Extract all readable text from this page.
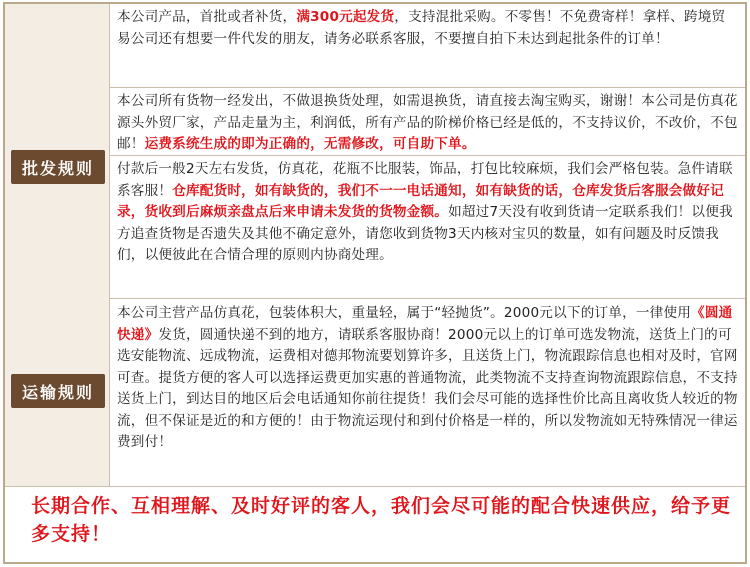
批发规则
本公司产品，首批或者补货，满300元起发货，支持混批采购。不零售！不免费寄样！拿样、跨境贸易公司还有想要一件代发的朋友，请务必联系客服，不要擅自拍下未达到起批条件的订单！
本公司所有货物一经发出，不做退换货处理，如需退换货，请直接去淘宝购买，谢谢！本公司是仿真花源头外贸厂家，产品走量为主，利润低，所有产品的阶梯价格已经是低的，不支持议价，不改价，不包邮！运费系统生成的即为正确的，无需修改，可自助下单。
付款后一般2天左右发货，仿真花，花瓶不比服装，饰品，打包比较麻烦，我们会严格包装。急件请联系客服！仓库配货时，如有缺货的，我们不一一电话通知，如有缺货的话，仓库发货后客服会做好记录，货收到后麻烦亲盘点后来申请未发货的货物金额。如超过7天没有收到货请一定联系我们！以便我方追查货物是否遗失及其他不确定意外，请您收到货物3天内核对宝贝的数量，如有问题及时反馈我们，以便彼此在合情合理的原则内协商处理。
运输规则
本公司主营产品仿真花，包装体积大，重量轻，属于“轻抛货”。2000元以下的订单，一律使用《圆通快递》发货，圆通快递不到的地方，请联系客服协商！2000元以上的订单可选发物流，送货上门的可选安能物流、远成物流，运费相对德邦物流要划算许多，且送货上门，物流跟踪信息也相对及时，官网可查。提货方便的客人可以选择运费更加实惠的普通物流，此类物流不支持查询物流跟踪信息，不支持送货上门，到达目的地区后会电话通知你前往提货！我们会尽可能的选择性价比高且离收货人较近的物流，但不保证是近的和方便的！由于物流运现付和到付价格是一样的，所以发物流如无特殊情况一律运费到付！
长期合作、互相理解、及时好评的客人，我们会尽可能的配合快速供应，给予更多支持！
